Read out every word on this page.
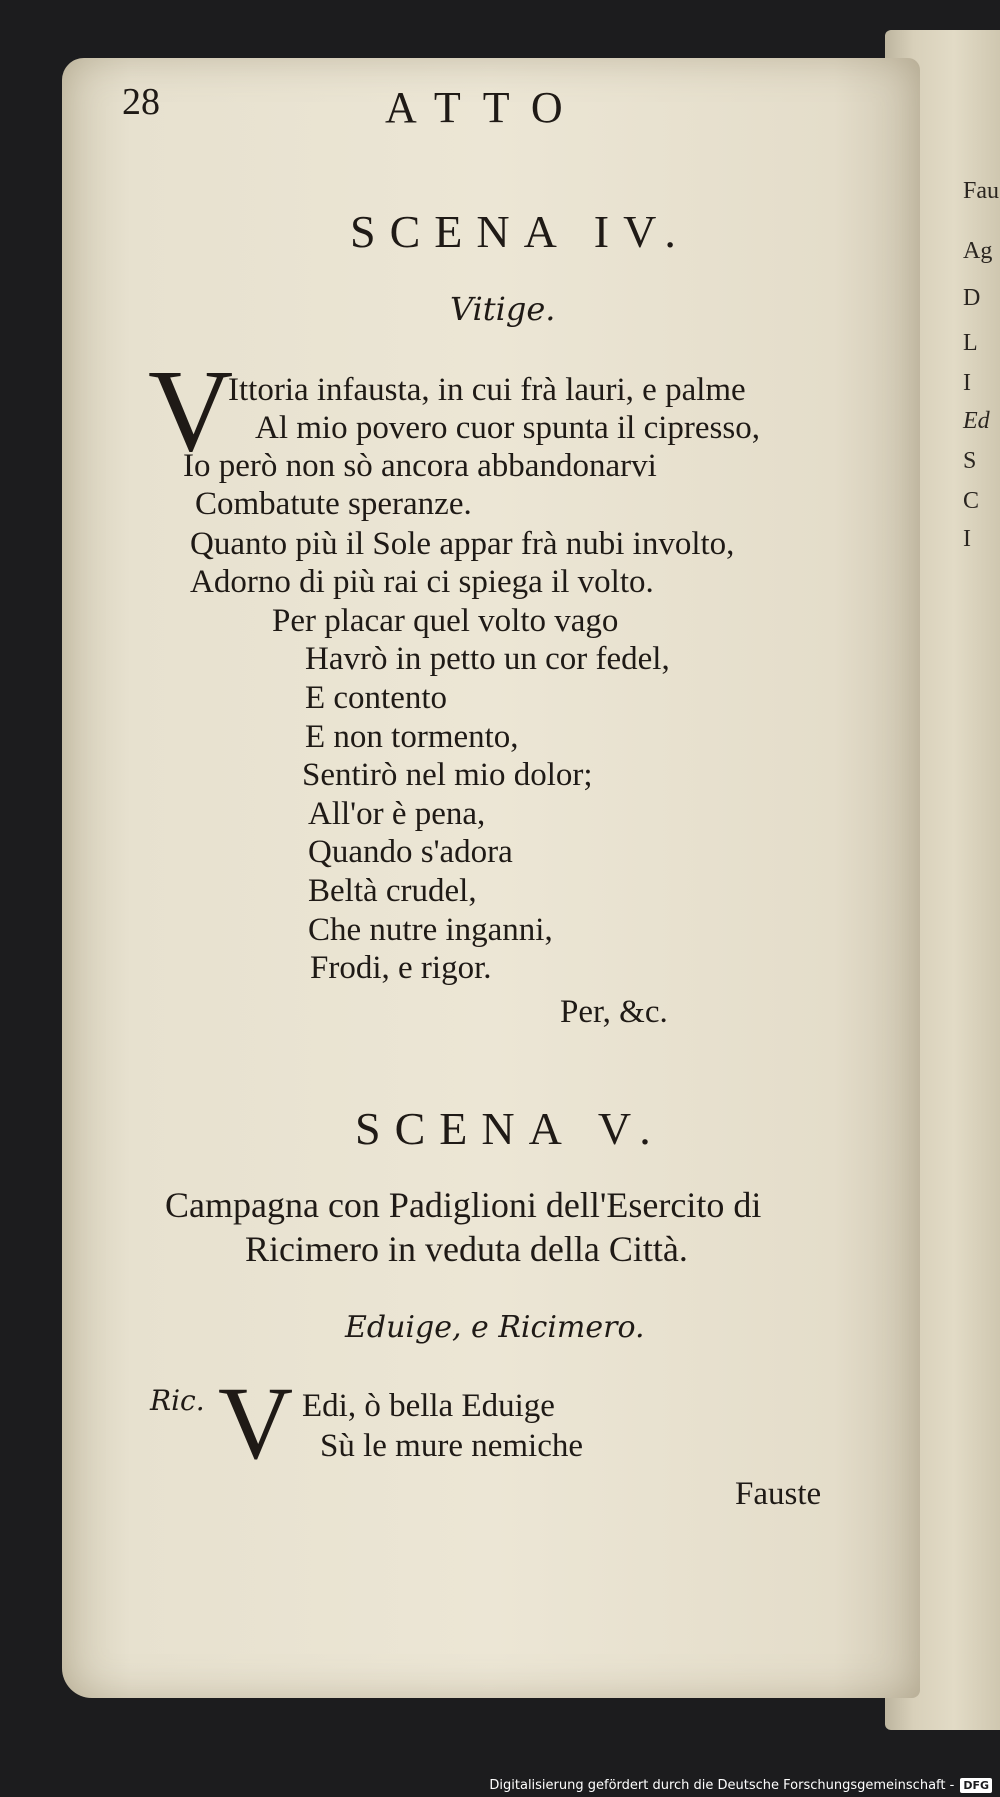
Fau
Ag
D
L
I
Ed
S
C
I
28	ATTO
SCENA IV.
Vitige.
V
Ittoria infausta, in cui frà lauri, e palme
Al mio povero cuor spunta il cipresso,
Io però non sò ancora abbandonarvi
Combatute speranze.
Quanto più il Sole appar frà nubi involto,
Adorno di più rai ci spiega il volto.
Per placar quel volto vago
Havrò in petto un cor fedel,
E contento
E non tormento,
Sentirò nel mio dolor;
All'or è pena,
Quando s'adora
Beltà crudel,
Che nutre inganni,
Frodi, e rigor.
Per, &c.
SCENA V.
Campagna con Padiglioni dell'Esercito di
Ricimero in veduta della Città.
Eduige, e Ricimero.
Ric. V Edi, ò bella Eduige
Sù le mure nemiche
Fauste
Digitalisierung gefördert durch die Deutsche Forschungsgemeinschaft - DFG
